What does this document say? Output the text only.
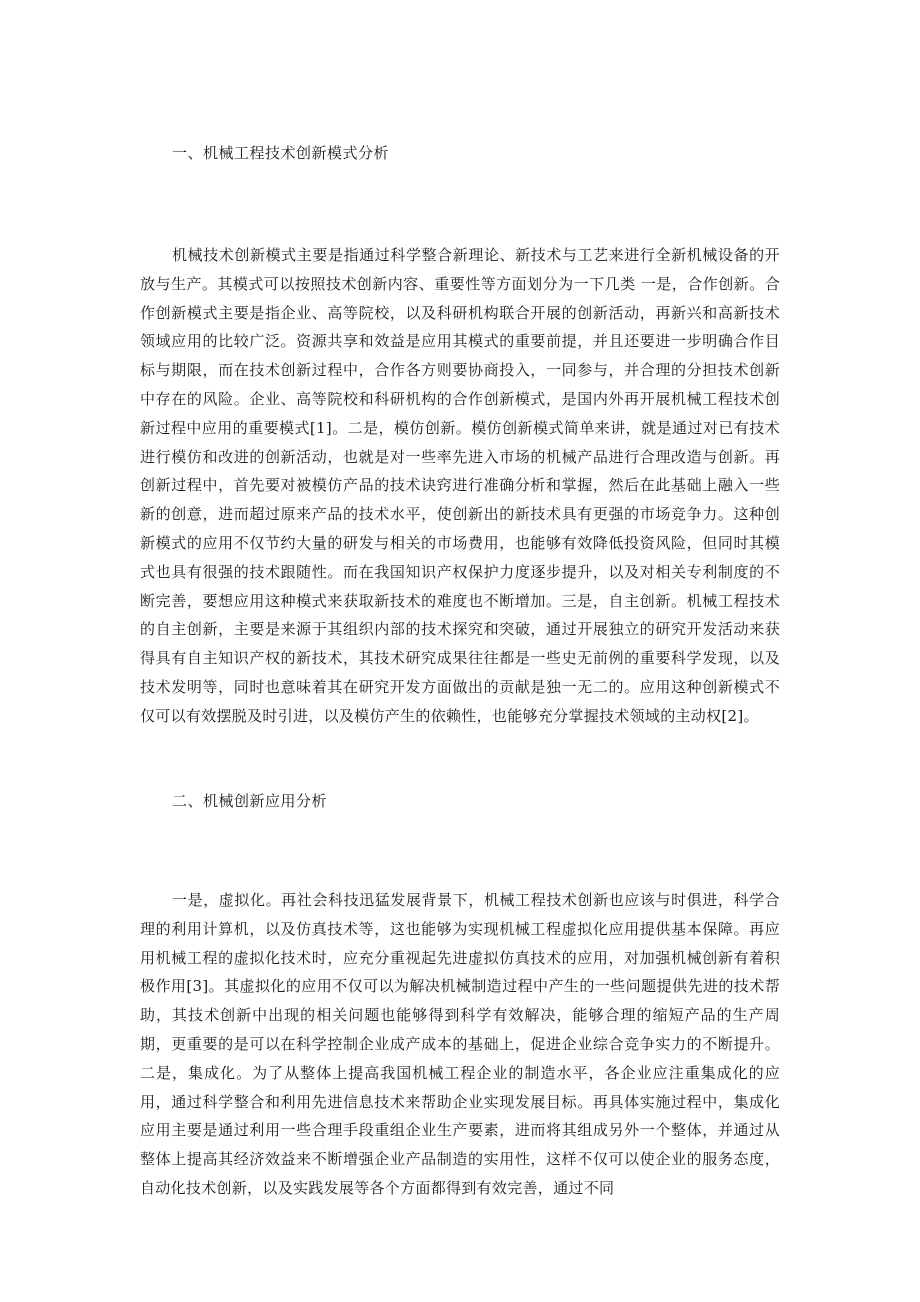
一、机械工程技术创新模式分析

机械技术创新模式主要是指通过科学整合新理论、新技术与工艺来进行全新机械设备的开放与生产。其模式可以按照技术创新内容、重要性等方面划分为一下几类 一是，合作创新。合作创新模式主要是指企业、高等院校，以及科研机构联合开展的创新活动，再新兴和高新技术领域应用的比较广泛。资源共享和效益是应用其模式的重要前提，并且还要进一步明确合作目标与期限，而在技术创新过程中，合作各方则要协商投入，一同参与，并合理的分担技术创新中存在的风险。企业、高等院校和科研机构的合作创新模式，是国内外再开展机械工程技术创新过程中应用的重要模式[1]。二是，模仿创新。模仿创新模式简单来讲，就是通过对已有技术进行模仿和改进的创新活动，也就是对一些率先进入市场的机械产品进行合理改造与创新。再创新过程中，首先要对被模仿产品的技术诀窍进行准确分析和掌握，然后在此基础上融入一些新的创意，进而超过原来产品的技术水平，使创新出的新技术具有更强的市场竞争力。这种创新模式的应用不仅节约大量的研发与相关的市场费用，也能够有效降低投资风险，但同时其模式也具有很强的技术跟随性。而在我国知识产权保护力度逐步提升，以及对相关专利制度的不断完善，要想应用这种模式来获取新技术的难度也不断增加。三是，自主创新。机械工程技术的自主创新，主要是来源于其组织内部的技术探究和突破，通过开展独立的研究开发活动来获得具有自主知识产权的新技术，其技术研究成果往往都是一些史无前例的重要科学发现，以及技术发明等，同时也意味着其在研究开发方面做出的贡献是独一无二的。应用这种创新模式不仅可以有效摆脱及时引进，以及模仿产生的依赖性，也能够充分掌握技术领域的主动权[2]。

二、机械创新应用分析

一是，虚拟化。再社会科技迅猛发展背景下，机械工程技术创新也应该与时俱进，科学合理的利用计算机，以及仿真技术等，这也能够为实现机械工程虚拟化应用提供基本保障。再应用机械工程的虚拟化技术时，应充分重视起先进虚拟仿真技术的应用，对加强机械创新有着积极作用[3]。其虚拟化的应用不仅可以为解决机械制造过程中产生的一些问题提供先进的技术帮助，其技术创新中出现的相关问题也能够得到科学有效解决，能够合理的缩短产品的生产周期，更重要的是可以在科学控制企业成产成本的基础上，促进企业综合竞争实力的不断提升。二是，集成化。为了从整体上提高我国机械工程企业的制造水平，各企业应注重集成化的应用，通过科学整合和利用先进信息技术来帮助企业实现发展目标。再具体实施过程中，集成化应用主要是通过利用一些合理手段重组企业生产要素，进而将其组成另外一个整体，并通过从整体上提高其经济效益来不断增强企业产品制造的实用性，这样不仅可以使企业的服务态度，自动化技术创新，以及实践发展等各个方面都得到有效完善，通过不同
